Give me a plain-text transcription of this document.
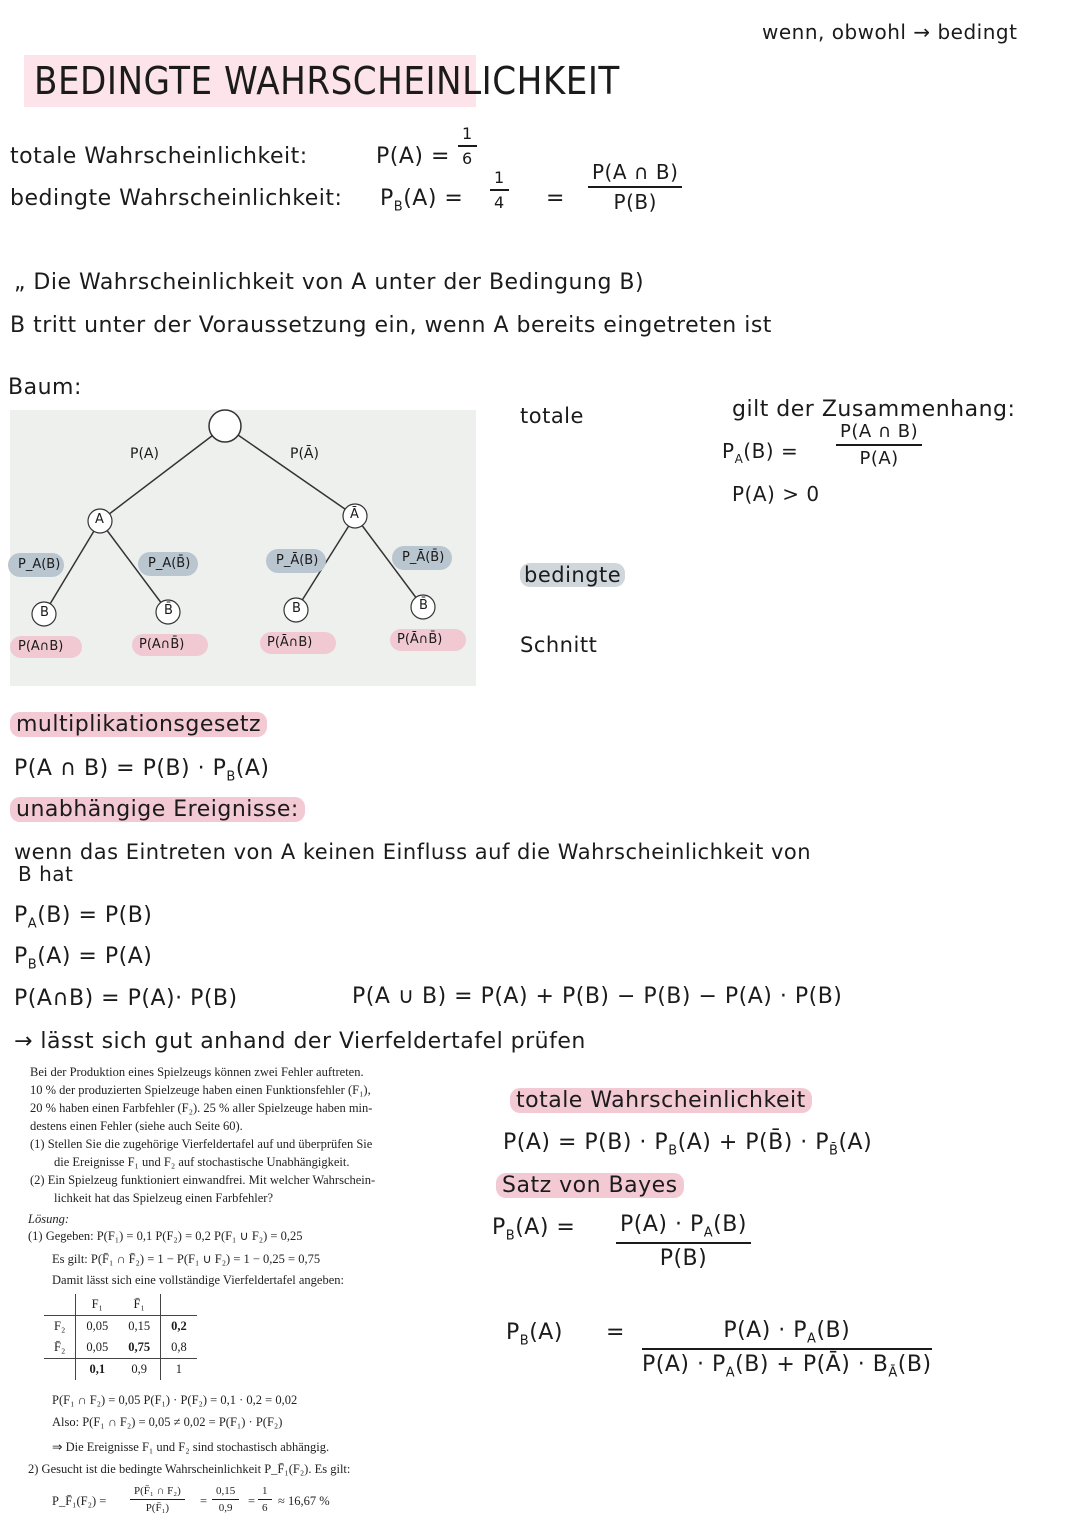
wenn, obwohl → bedingt
BEDINGTE WAHRSCHEINLICHKEIT
totale Wahrscheinlichkeit:	$P(A) = \frac{1}{6}$
bedingte Wahrscheinlichkeit: $P_B(A) = \frac{1}{4} = \frac{P(A \cap B)}{P(B)}$
„ Die Wahrscheinlichkeit von A unter der Bedingung B)
B tritt unter der Voraussetzung ein, wenn A bereits eingetreten ist
Baum:
P(A)	P(Ā)
A	Ā
P_A(B)	P_A(B̄)	P_Ā(B)	P_Ā(B̄)
B	B̄	B	B̄
P(A∩B)	P(A∩B̄)	P(Ā∩B)	P(Ā∩B̄)
totale
bedingte
Schnitt
gilt der Zusammenhang:
$P_A(B) = \frac{P(A \cap B)}{P(A)}$
P(A) > 0
multiplikationsgesetz
P(A ∩ $B) = P(B) \cdot P_B(A)$
unabhängige Ereignisse:
wenn das Eintreten von A keinen Einfluss auf die Wahrscheinlichkeit von
B hat
$P_A(B) = P(B)$
$P_B(A) = P(A)$
P(A∩B) = P(A)· P(B)	P(A ∪ B) = P(A) + P(B) − P(B) − P(A) · P(B)
→ lässt sich gut anhand der Vierfeldertafel prüfen
Bei der Produktion eines Spielzeugs können zwei Fehler auftreten.
10 % der produzierten Spielzeuge haben einen Funktionsfehler (F₁),
20 % haben einen Farbfehler (F₂). 25 % aller Spielzeuge haben min-
destens einen Fehler (siehe auch Seite 60).
(1) Stellen Sie die zugehörige Vierfeldertafel auf und überprüfen Sie
die Ereignisse F₁ und F₂ auf stochastische Unabhängigkeit.
(2) Ein Spielzeug funktioniert einwandfrei. Mit welcher Wahrschein-
lichkeit hat das Spielzeug einen Farbfehler?
Lösung:
(1) Gegeben: P(F₁) = 0,1 P(F₂) = 0,2 P(F₁ ∪ F₂) = 0,25
Es gilt: P(F̄₁ ∩ F̄₂) = 1 − P(F₁ ∪ F₂) = 1 − 0,25 = 0,75
Damit lässt sich eine vollständige Vierfeldertafel angeben:
	F₁	F̄₁	
F₂	0,05	0,15	0,2
F̄₂	0,05	0,75	0,8
	0,1	0,9	1
P(F₁ ∩ F₂) = 0,05 P(F₁) · P(F₂) = 0,1 · 0,2 = 0,02
Also: P(F₁ ∩ F₂) = 0,05 ≠ 0,02 = P(F₁) · P(F₂)
⇒ Die Ereignisse F₁ und F₂ sind stochastisch abhängig.
2) Gesucht ist die bedingte Wahrscheinlichkeit P_F̄₁(F₂). Es gilt:
P_F̄₁(F₂) = $\frac{\text{P(F̄₁ ∩ F₂)}}{\text{P(F̄₁)}} = \frac{0,15}{0,9} = \frac{1}{6} \approx 16,67$ %
totale Wahrscheinlichkeit
$P(A) = P(B) \cdot P_B(A)$ + P(B̄) · $P_{B̄}(A)$
Satz von Bayes
$P_B(A) = \frac{P(A) \cdot P_A(B)}{P(B)}$
$P_B(A) = \frac{P(A) \cdot P_A(B)}{P(A) \cdot P_A(B) + P(Ā) \cdot B_Ā(B)}$
